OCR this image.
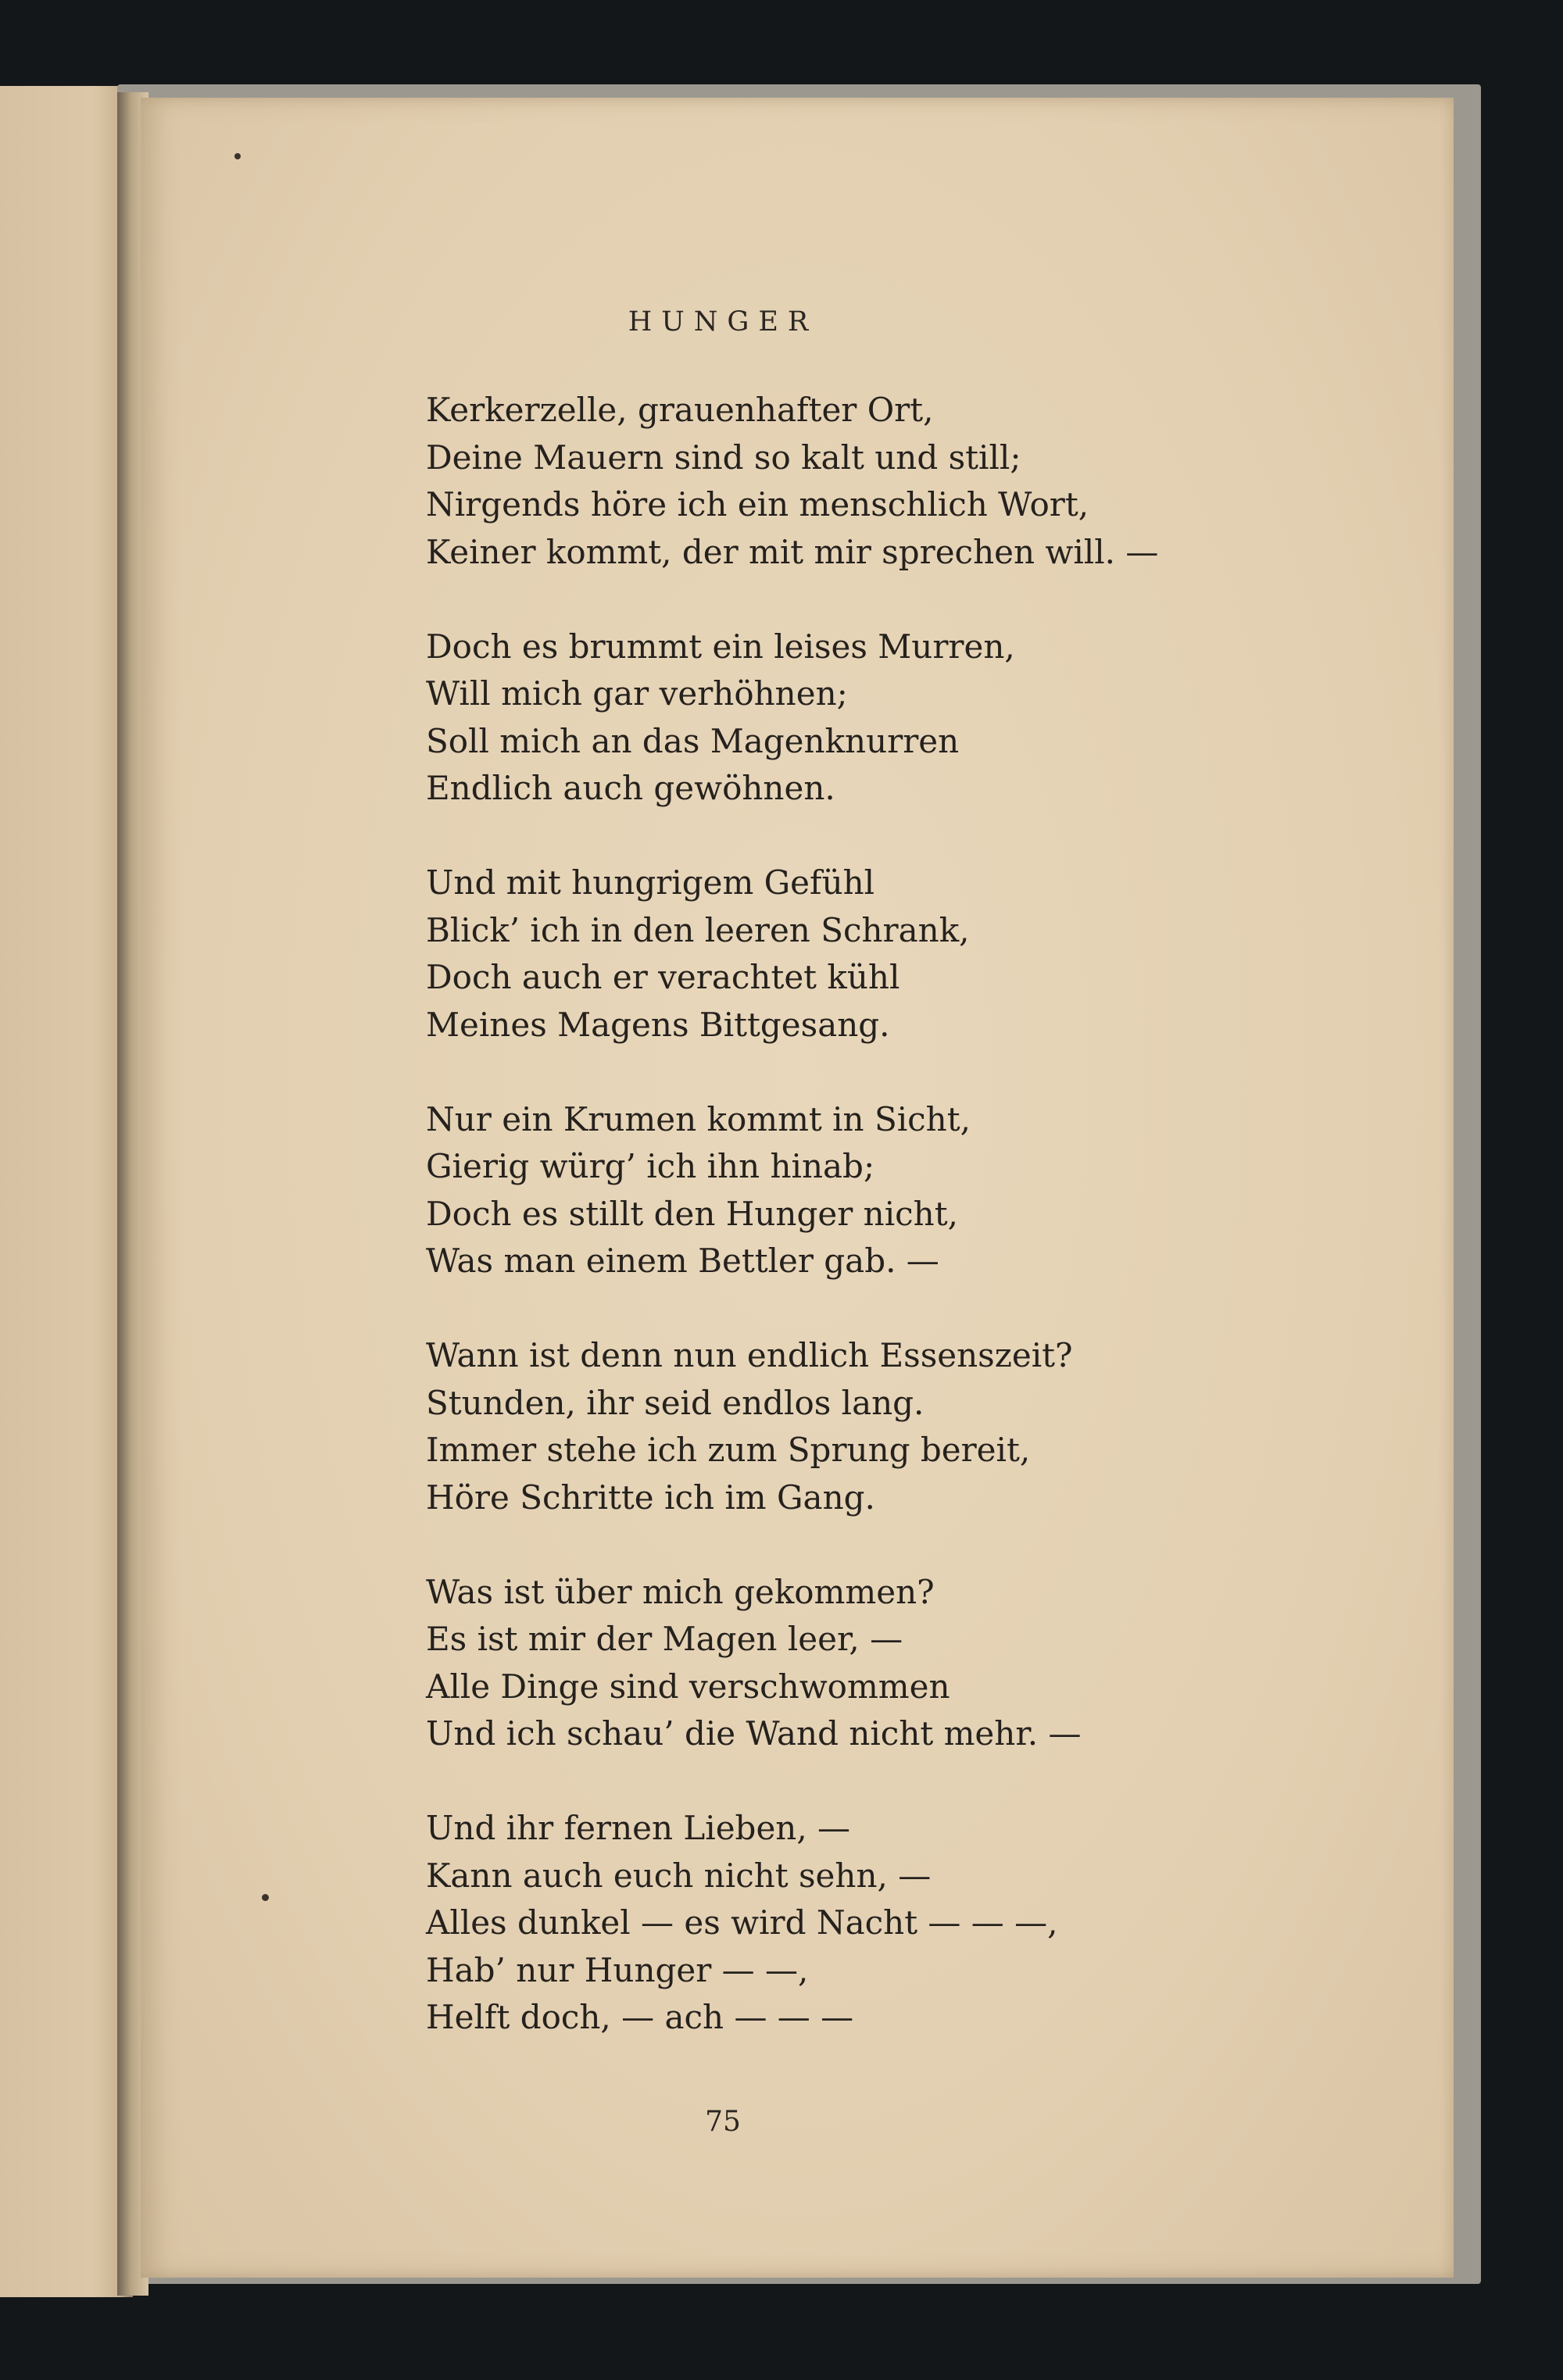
HUNGER
Kerkerzelle, grauenhafter Ort,
Deine Mauern sind so kalt und still;
Nirgends höre ich ein menschlich Wort,
Keiner kommt, der mit mir sprechen will. —
Doch es brummt ein leises Murren,
Will mich gar verhöhnen;
Soll mich an das Magenknurren
Endlich auch gewöhnen.
Und mit hungrigem Gefühl
Blick’ ich in den leeren Schrank,
Doch auch er verachtet kühl
Meines Magens Bittgesang.
Nur ein Krumen kommt in Sicht,
Gierig würg’ ich ihn hinab;
Doch es stillt den Hunger nicht,
Was man einem Bettler gab. —
Wann ist denn nun endlich Essenszeit?
Stunden, ihr seid endlos lang.
Immer stehe ich zum Sprung bereit,
Höre Schritte ich im Gang.
Was ist über mich gekommen?
Es ist mir der Magen leer, —
Alle Dinge sind verschwommen
Und ich schau’ die Wand nicht mehr. —
Und ihr fernen Lieben, —
Kann auch euch nicht sehn, —
Alles dunkel — es wird Nacht — — —,
Hab’ nur Hunger — —,
Helft doch, — ach — — —
75
